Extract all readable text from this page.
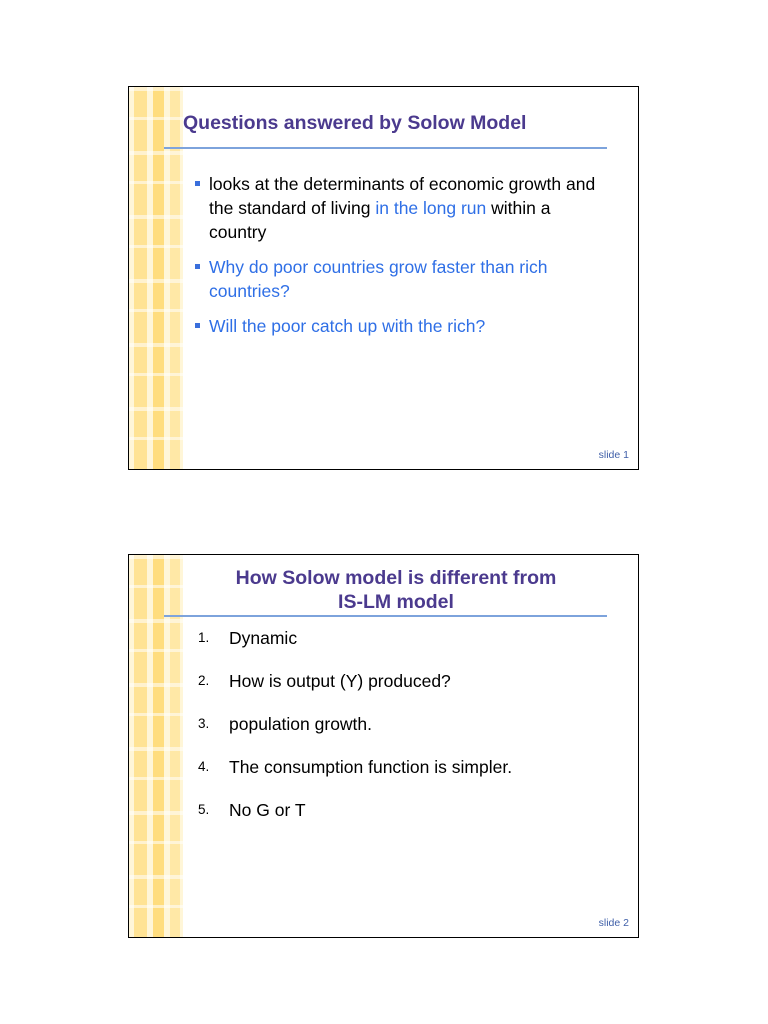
Questions answered by Solow Model
looks at the determinants of economic growth and the standard of living in the long run within a country
Why do poor countries grow faster than rich countries?
Will the poor catch up with the rich?
slide 1
How Solow model is different from
IS-LM model
1. Dynamic
2. How is output (Y) produced?
3. population growth.
4. The consumption function is simpler.
5. No G or T
slide 2
